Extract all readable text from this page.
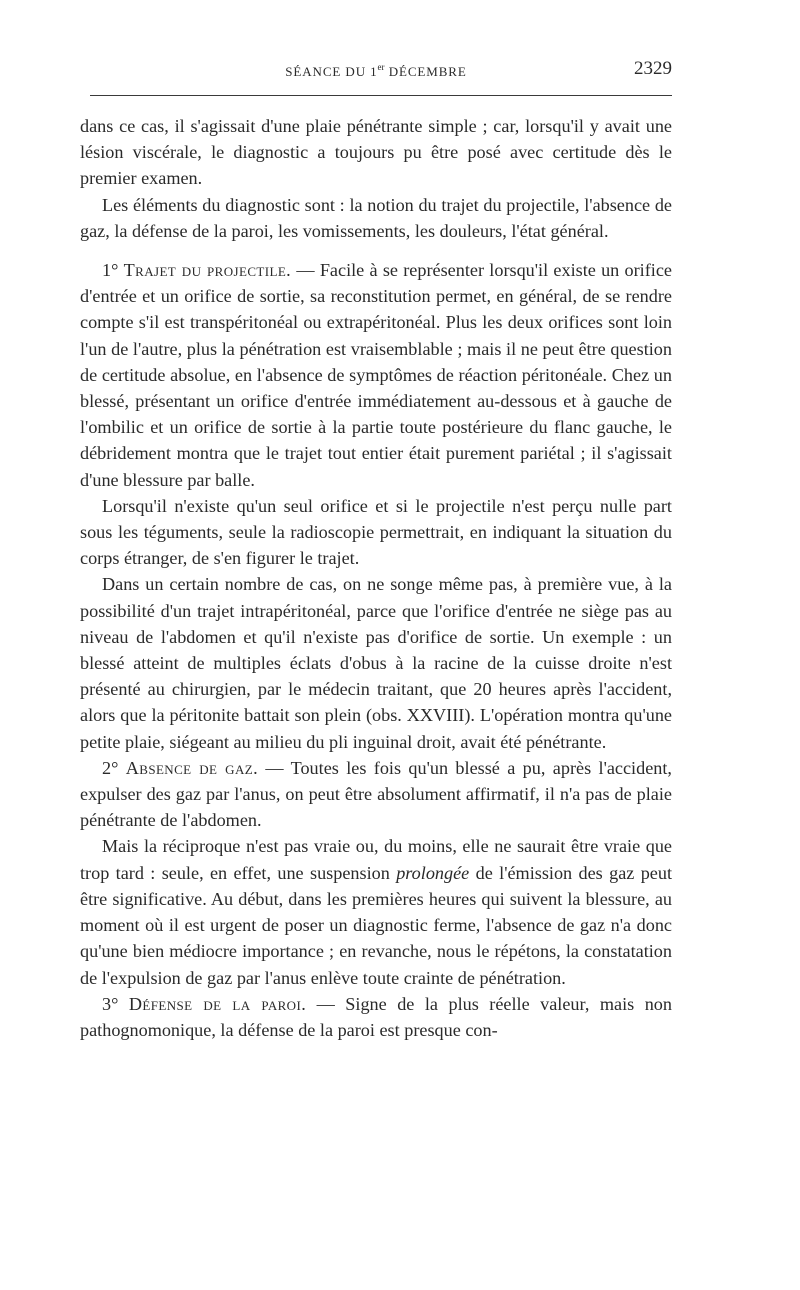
SÉANCE DU 1er DÉCEMBRE	2329

dans ce cas, il s'agissait d'une plaie pénétrante simple ; car, lorsqu'il y avait une lésion viscérale, le diagnostic a toujours pu être posé avec certitude dès le premier examen.

Les éléments du diagnostic sont : la notion du trajet du projectile, l'absence de gaz, la défense de la paroi, les vomissements, les douleurs, l'état général.

1° Trajet du projectile. — Facile à se représenter lorsqu'il existe un orifice d'entrée et un orifice de sortie, sa reconstitution permet, en général, de se rendre compte s'il est transpéritonéal ou extrapéritonéal. Plus les deux orifices sont loin l'un de l'autre, plus la pénétration est vraisemblable ; mais il ne peut être question de certitude absolue, en l'absence de symptômes de réaction péritonéale. Chez un blessé, présentant un orifice d'entrée immédiatement au-dessous et à gauche de l'ombilic et un orifice de sortie à la partie toute postérieure du flanc gauche, le débridement montra que le trajet tout entier était purement pariétal ; il s'agissait d'une blessure par balle.

Lorsqu'il n'existe qu'un seul orifice et si le projectile n'est perçu nulle part sous les téguments, seule la radioscopie permettrait, en indiquant la situation du corps étranger, de s'en figurer le trajet.

Dans un certain nombre de cas, on ne songe même pas, à première vue, à la possibilité d'un trajet intrapéritonéal, parce que l'orifice d'entrée ne siège pas au niveau de l'abdomen et qu'il n'existe pas d'orifice de sortie. Un exemple : un blessé atteint de multiples éclats d'obus à la racine de la cuisse droite n'est présenté au chirurgien, par le médecin traitant, que 20 heures après l'accident, alors que la péritonite battait son plein (obs. XXVIII). L'opération montra qu'une petite plaie, siégeant au milieu du pli inguinal droit, avait été pénétrante.

2° Absence de gaz. — Toutes les fois qu'un blessé a pu, après l'accident, expulser des gaz par l'anus, on peut être absolument affirmatif, il n'a pas de plaie pénétrante de l'abdomen.

Mais la réciproque n'est pas vraie ou, du moins, elle ne saurait être vraie que trop tard : seule, en effet, une suspension prolongée de l'émission des gaz peut être significative. Au début, dans les premières heures qui suivent la blessure, au moment où il est urgent de poser un diagnostic ferme, l'absence de gaz n'a donc qu'une bien médiocre importance ; en revanche, nous le répétons, la constatation de l'expulsion de gaz par l'anus enlève toute crainte de pénétration.

3° Défense de la paroi. — Signe de la plus réelle valeur, mais non pathognomonique, la défense de la paroi est presque con-
